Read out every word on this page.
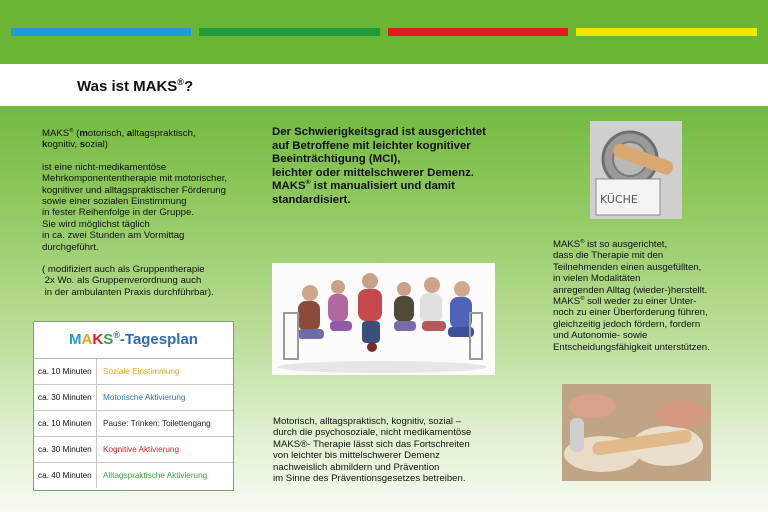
Was ist MAKS®?
MAKS® (motorisch, alltagspraktisch,
kognitiv, sozial)
ist eine nicht-medikamentöse
Mehrkomponententherapie mit motorischer,
kognitiver und alltagspraktischer Förderung
sowie einer sozialen Einstimmung
in fester Reihenfolge in der Gruppe.
Sie wird möglichst täglich
in ca. zwei Stunden am Vormittag
durchgeführt.
( modifiziert auch als Gruppentherapie
2x Wo. als Gruppenverordnung auch
in der ambulanten Praxis durchführbar).
Der Schwierigkeitsgrad ist ausgerichtet
auf Betroffene mit leichter kognitiver
Beeinträchtigung (MCI),
leichter oder mittelschwerer Demenz.
MAKS® ist manualisiert und damit
standardisiert.
MAKS® ist so ausgerichtet,
dass die Therapie mit den
Teilnehmenden einen ausgefüllten,
in vielen Modalitäten
anregenden Alltag (wieder-)herstellt.
MAKS® soll weder zu einer Unter-
noch zu einer Überforderung führen,
gleichzeitig jedoch fördern, fordern
und Autonomie- sowie
Entscheidungsfähigkeit unterstützen.
Motorisch, alltagspraktisch, kognitiv, sozial –
durch die psychosoziale, nicht medikamentöse
MAKS®- Therapie lässt sich das Fortschreiten
von leichter bis mittelschwerer Demenz
nachweislich abmildern und Prävention
im Sinne des Präventionsgesetzes betreiben.
MAKS®-Tagesplan
ca. 10 Minuten	Soziale Einstimmung
ca. 30 Minuten	Motorische Aktivierung
ca. 10 Minuten	Pause: Trinken; Toilettengang
ca. 30 Minuten	Kognitive Aktivierung
ca. 40 Minuten	Alltagspraktische Aktivierung
KÜCHE
